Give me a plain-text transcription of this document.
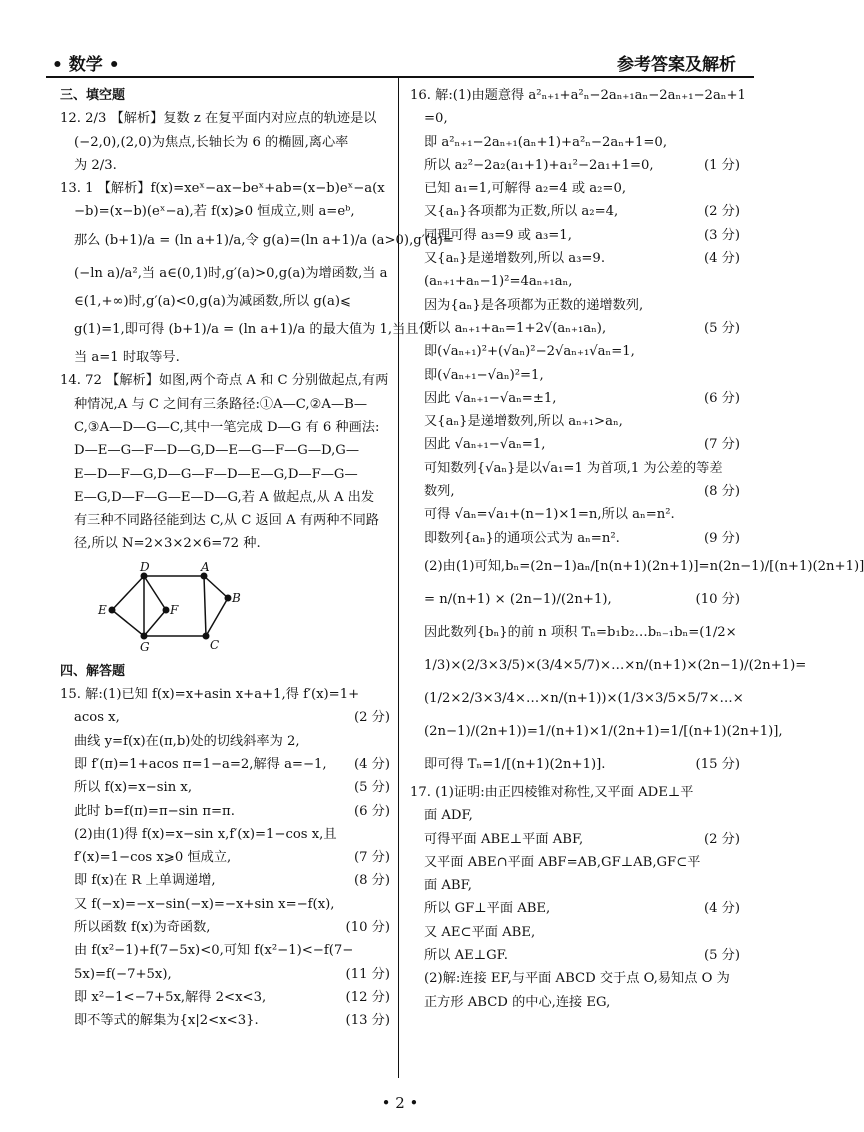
• 数学 •	参考答案及解析
三、填空题
12. 2/3 【解析】复数 z 在复平面内对应点的轨迹是以
(−2,0),(2,0)为焦点,长轴长为 6 的椭圆,离心率
为 2/3.
13. 1 【解析】f(x)=xeˣ−ax−beˣ+ab=(x−b)eˣ−a(x
−b)=(x−b)(eˣ−a),若 f(x)⩾0 恒成立,则 a=eᵇ,
那么 (b+1)/a = (ln a+1)/a,令 g(a)=(ln a+1)/a (a>0),g′(a)=
(−ln a)/a²,当 a∈(0,1)时,g′(a)>0,g(a)为增函数,当 a
∈(1,+∞)时,g′(a)<0,g(a)为减函数,所以 g(a)⩽
g(1)=1,即可得 (b+1)/a = (ln a+1)/a 的最大值为 1,当且仅
当 a=1 时取等号.
14. 72 【解析】如图,两个奇点 A 和 C 分别做起点,有两
种情况,A 与 C 之间有三条路径:①A—C,②A—B—
C,③A—D—G—C,其中一笔完成 D—G 有 6 种画法:
D—E—G—F—D—G,D—E—G—F—G—D,G—
E—D—F—G,D—G—F—D—E—G,D—F—G—
E—G,D—F—G—E—D—G,若 A 做起点,从 A 出发
有三种不同路径能到达 C,从 C 返回 A 有两种不同路
径,所以 N=2×3×2×6=72 种.
D	A
B
E	F
G	C
四、解答题
15. 解:(1)已知 f(x)=x+asin x+a+1,得 f′(x)=1+
acos x,	(2 分)
曲线 y=f(x)在(π,b)处的切线斜率为 2,
即 f′(π)=1+acos π=1−a=2,解得 a=−1, (4 分)
所以 f(x)=x−sin x,	(5 分)
此时 b=f(π)=π−sin π=π.	(6 分)
(2)由(1)得 f(x)=x−sin x,f′(x)=1−cos x,且
f′(x)=1−cos x⩾0 恒成立,	(7 分)
即 f(x)在 R 上单调递增,	(8 分)
又 f(−x)=−x−sin(−x)=−x+sin x=−f(x),
所以函数 f(x)为奇函数,	(10 分)
由 f(x²−1)+f(7−5x)<0,可知 f(x²−1)<−f(7−
5x)=f(−7+5x),	(11 分)
即 x²−1<−7+5x,解得 2<x<3,	(12 分)
即不等式的解集为{x|2<x<3}.	(13 分)
16. 解:(1)由题意得 a²ₙ₊₁+a²ₙ−2aₙ₊₁aₙ−2aₙ₊₁−2aₙ+1
=0,
即 a²ₙ₊₁−2aₙ₊₁(aₙ+1)+a²ₙ−2aₙ+1=0,
所以 a₂²−2a₂(a₁+1)+a₁²−2a₁+1=0,	(1 分)
已知 a₁=1,可解得 a₂=4 或 a₂=0,
又{aₙ}各项都为正数,所以 a₂=4,	(2 分)
同理可得 a₃=9 或 a₃=1,	(3 分)
又{aₙ}是递增数列,所以 a₃=9.	(4 分)
(aₙ₊₁+aₙ−1)²=4aₙ₊₁aₙ,
因为{aₙ}是各项都为正数的递增数列,
所以 aₙ₊₁+aₙ=1+2√(aₙ₊₁aₙ),	(5 分)
即(√aₙ₊₁)²+(√aₙ)²−2√aₙ₊₁√aₙ=1,
即(√aₙ₊₁−√aₙ)²=1,
因此 √aₙ₊₁−√aₙ=±1,	(6 分)
又{aₙ}是递增数列,所以 aₙ₊₁>aₙ,
因此 √aₙ₊₁−√aₙ=1,	(7 分)
可知数列{√aₙ}是以√a₁=1 为首项,1 为公差的等差
数列,	(8 分)
可得 √aₙ=√a₁+(n−1)×1=n,所以 aₙ=n².
即数列{aₙ}的通项公式为 aₙ=n².	(9 分)
(2)由(1)可知,bₙ=(2n−1)aₙ/[n(n+1)(2n+1)]=n(2n−1)/[(n+1)(2n+1)]
= n/(n+1) × (2n−1)/(2n+1),	(10 分)
因此数列{bₙ}的前 n 项积 Tₙ=b₁b₂…bₙ₋₁bₙ=(1/2×
1/3)×(2/3×3/5)×(3/4×5/7)×…×n/(n+1)×(2n−1)/(2n+1)=
(1/2×2/3×3/4×…×n/(n+1))×(1/3×3/5×5/7×…×
(2n−1)/(2n+1))=1/(n+1)×1/(2n+1)=1/[(n+1)(2n+1)],
即可得 Tₙ=1/[(n+1)(2n+1)].	(15 分)
17. (1)证明:由正四棱锥对称性,又平面 ADE⊥平
面 ADF,
可得平面 ABE⊥平面 ABF,	(2 分)
又平面 ABE∩平面 ABF=AB,GF⊥AB,GF⊂平
面 ABF,
所以 GF⊥平面 ABE,	(4 分)
又 AE⊂平面 ABE,
所以 AE⊥GF.	(5 分)
(2)解:连接 EF,与平面 ABCD 交于点 O,易知点 O 为
正方形 ABCD 的中心,连接 EG,
• 2 •
